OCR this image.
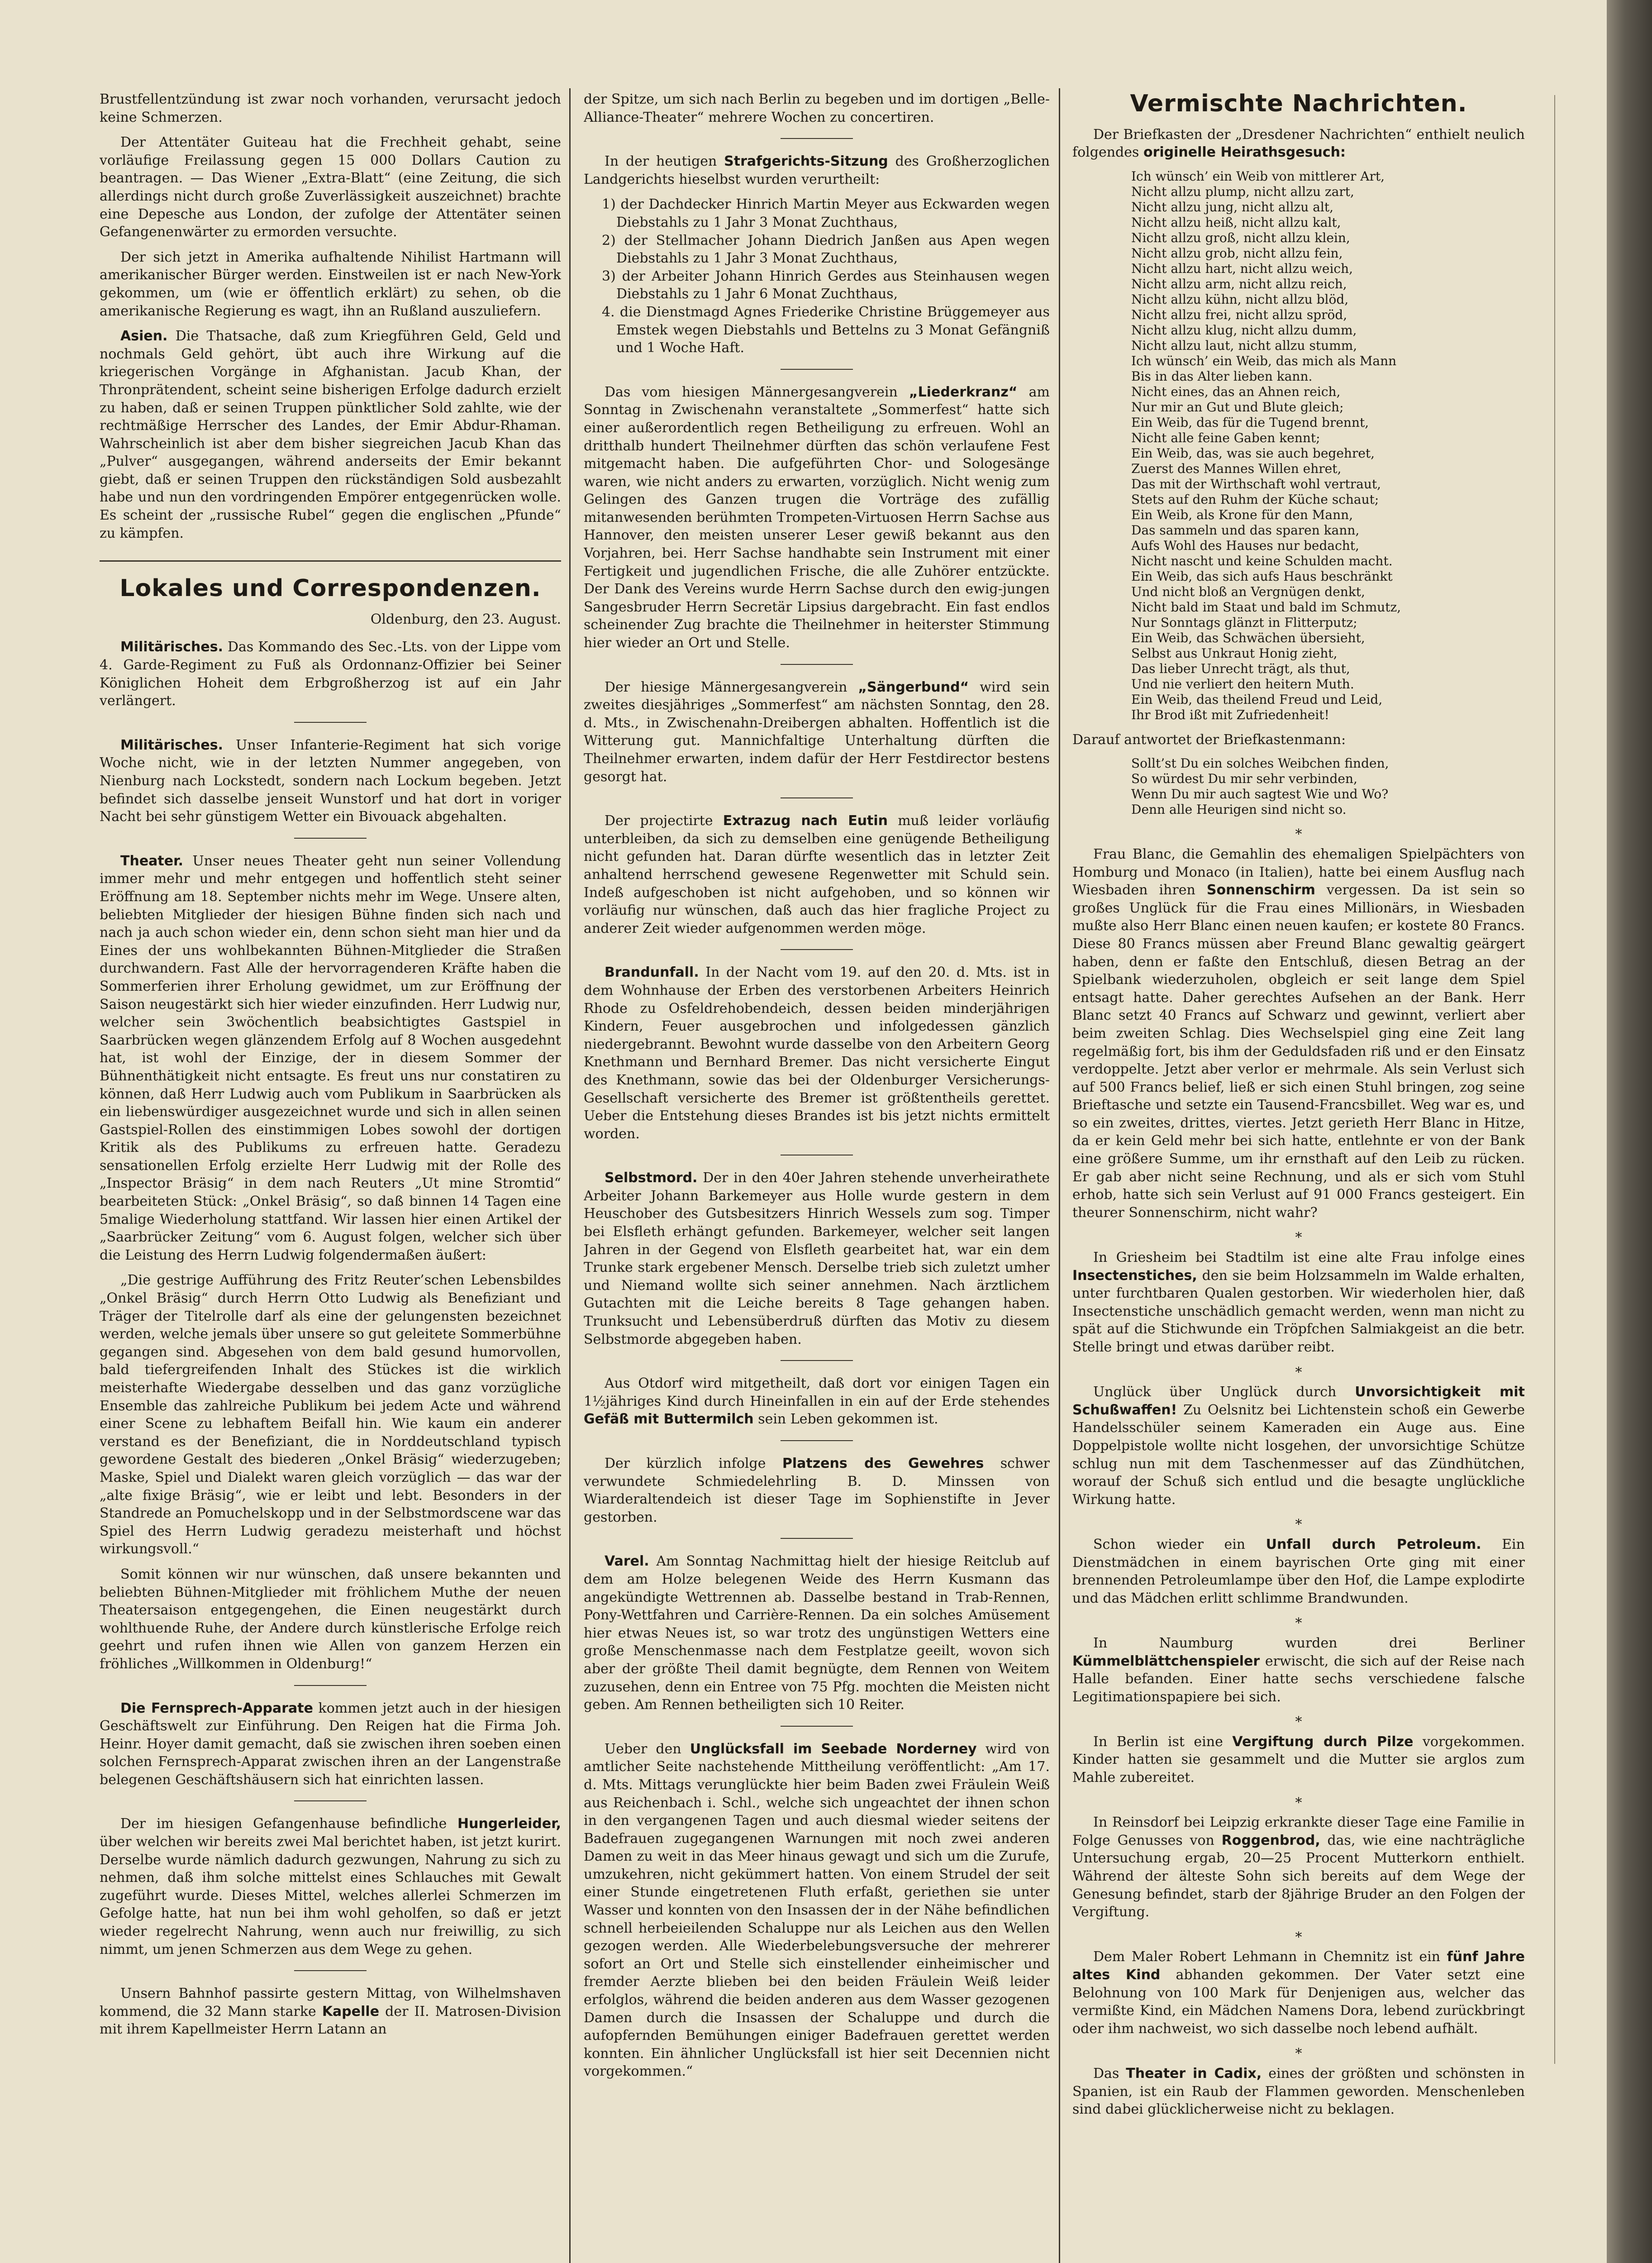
Brustfellentzündung ist zwar noch vorhanden, verursacht jedoch keine Schmerzen.

Der Attentäter Guiteau hat die Frechheit gehabt, seine vorläufige Freilassung gegen 15 000 Dollars Caution zu beantragen. — Das Wiener „Extra-Blatt“ (eine Zeitung, die sich allerdings nicht durch große Zuverlässigkeit auszeichnet) brachte eine Depesche aus London, der zufolge der Attentäter seinen Gefangenenwärter zu ermorden versuchte.

Der sich jetzt in Amerika aufhaltende Nihilist Hartmann will amerikanischer Bürger werden. Einstweilen ist er nach New-York gekommen, um (wie er öffentlich erklärt) zu sehen, ob die amerikanische Regierung es wagt, ihn an Rußland auszuliefern.

Asien. Die Thatsache, daß zum Kriegführen Geld, Geld und nochmals Geld gehört, übt auch ihre Wirkung auf die kriegerischen Vorgänge in Afghanistan. Jacub Khan, der Thronprätendent, scheint seine bisherigen Erfolge dadurch erzielt zu haben, daß er seinen Truppen pünktlicher Sold zahlte, wie der rechtmäßige Herrscher des Landes, der Emir Abdur-Rhaman. Wahrscheinlich ist aber dem bisher siegreichen Jacub Khan das „Pulver“ ausgegangen, während anderseits der Emir bekannt giebt, daß er seinen Truppen den rückständigen Sold ausbezahlt habe und nun den vordringenden Empörer entgegenrücken wolle. Es scheint der „russische Rubel“ gegen die englischen „Pfunde“ zu kämpfen.

Lokales und Correspondenzen.
Oldenburg, den 23. August.

Militärisches. Das Kommando des Sec.-Lts. von der Lippe vom 4. Garde-Regiment zu Fuß als Ordonnanz-Offizier bei Seiner Königlichen Hoheit dem Erbgroßherzog ist auf ein Jahr verlängert.

Militärisches. Unser Infanterie-Regiment hat sich vorige Woche nicht, wie in der letzten Nummer angegeben, von Nienburg nach Lockstedt, sondern nach Lockum begeben. Jetzt befindet sich dasselbe jenseit Wunstorf und hat dort in voriger Nacht bei sehr günstigem Wetter ein Bivouack abgehalten.

Theater. Unser neues Theater geht nun seiner Vollendung immer mehr und mehr entgegen und hoffentlich steht seiner Eröffnung am 18. September nichts mehr im Wege. Unsere alten, beliebten Mitglieder der hiesigen Bühne finden sich nach und nach ja auch schon wieder ein, denn schon sieht man hier und da Eines der uns wohlbekannten Bühnen-Mitglieder die Straßen durchwandern. Fast Alle der hervorragenderen Kräfte haben die Sommerferien ihrer Erholung gewidmet, um zur Eröffnung der Saison neugestärkt sich hier wieder einzufinden. Herr Ludwig nur, welcher sein 3wöchentlich beabsichtigtes Gastspiel in Saarbrücken wegen glänzendem Erfolg auf 8 Wochen ausgedehnt hat, ist wohl der Einzige, der in diesem Sommer der Bühnenthätigkeit nicht entsagte. Es freut uns nur constatiren zu können, daß Herr Ludwig auch vom Publikum in Saarbrücken als ein liebenswürdiger ausgezeichnet wurde und sich in allen seinen Gastspiel-Rollen des einstimmigen Lobes sowohl der dortigen Kritik als des Publikums zu erfreuen hatte. Geradezu sensationellen Erfolg erzielte Herr Ludwig mit der Rolle des „Inspector Bräsig“ in dem nach Reuters „Ut mine Stromtid“ bearbeiteten Stück: „Onkel Bräsig“, so daß binnen 14 Tagen eine 5malige Wiederholung stattfand. Wir lassen hier einen Artikel der „Saarbrücker Zeitung“ vom 6. August folgen, welcher sich über die Leistung des Herrn Ludwig folgendermaßen äußert:

„Die gestrige Aufführung des Fritz Reuter’schen Lebensbildes „Onkel Bräsig“ durch Herrn Otto Ludwig als Benefiziant und Träger der Titelrolle darf als eine der gelungensten bezeichnet werden, welche jemals über unsere so gut geleitete Sommerbühne gegangen sind. Abgesehen von dem bald gesund humorvollen, bald tiefergreifenden Inhalt des Stückes ist die wirklich meisterhafte Wiedergabe desselben und das ganz vorzügliche Ensemble das zahlreiche Publikum bei jedem Acte und während einer Scene zu lebhaftem Beifall hin. Wie kaum ein anderer verstand es der Benefiziant, die in Norddeutschland typisch gewordene Gestalt des biederen „Onkel Bräsig“ wiederzugeben; Maske, Spiel und Dialekt waren gleich vorzüglich — das war der „alte fixige Bräsig“, wie er leibt und lebt. Besonders in der Standrede an Pomuchelskopp und in der Selbstmordscene war das Spiel des Herrn Ludwig geradezu meisterhaft und höchst wirkungsvoll.“

Somit können wir nur wünschen, daß unsere bekannten und beliebten Bühnen-Mitglieder mit fröhlichem Muthe der neuen Theatersaison entgegengehen, die Einen neugestärkt durch wohlthuende Ruhe, der Andere durch künstlerische Erfolge reich geehrt und rufen ihnen wie Allen von ganzem Herzen ein fröhliches „Willkommen in Oldenburg!“

Die Fernsprech-Apparate kommen jetzt auch in der hiesigen Geschäftswelt zur Einführung. Den Reigen hat die Firma Joh. Heinr. Hoyer damit gemacht, daß sie zwischen ihren soeben einen solchen Fernsprech-Apparat zwischen ihren an der Langenstraße belegenen Geschäftshäusern sich hat einrichten lassen.

Der im hiesigen Gefangenhause befindliche Hungerleider, über welchen wir bereits zwei Mal berichtet haben, ist jetzt kurirt. Derselbe wurde nämlich dadurch gezwungen, Nahrung zu sich zu nehmen, daß ihm solche mittelst eines Schlauches mit Gewalt zugeführt wurde. Dieses Mittel, welches allerlei Schmerzen im Gefolge hatte, hat nun bei ihm wohl geholfen, so daß er jetzt wieder regelrecht Nahrung, wenn auch nur freiwillig, zu sich nimmt, um jenen Schmerzen aus dem Wege zu gehen.

Unsern Bahnhof passirte gestern Mittag, von Wilhelmshaven kommend, die 32 Mann starke Kapelle der II. Matrosen-Division mit ihrem Kapellmeister Herrn Latann an

der Spitze, um sich nach Berlin zu begeben und im dortigen „Belle-Alliance-Theater“ mehrere Wochen zu concertiren.

In der heutigen Strafgerichts-Sitzung des Großherzoglichen Landgerichts hieselbst wurden verurtheilt:

1) der Dachdecker Hinrich Martin Meyer aus Eckwarden wegen Diebstahls zu 1 Jahr 3 Monat Zuchthaus,
2) der Stellmacher Johann Diedrich Janßen aus Apen wegen Diebstahls zu 1 Jahr 3 Monat Zuchthaus,
3) der Arbeiter Johann Hinrich Gerdes aus Steinhausen wegen Diebstahls zu 1 Jahr 6 Monat Zuchthaus,
4. die Dienstmagd Agnes Friederike Christine Brüggemeyer aus Emstek wegen Diebstahls und Bettelns zu 3 Monat Gefängniß und 1 Woche Haft.

Das vom hiesigen Männergesangverein „Liederkranz“ am Sonntag in Zwischenahn veranstaltete „Sommerfest“ hatte sich einer außerordentlich regen Betheiligung zu erfreuen. Wohl an dritthalb hundert Theilnehmer dürften das schön verlaufene Fest mitgemacht haben. Die aufgeführten Chor- und Sologesänge waren, wie nicht anders zu erwarten, vorzüglich. Nicht wenig zum Gelingen des Ganzen trugen die Vorträge des zufällig mitanwesenden berühmten Trompeten-Virtuosen Herrn Sachse aus Hannover, den meisten unserer Leser gewiß bekannt aus den Vorjahren, bei. Herr Sachse handhabte sein Instrument mit einer Fertigkeit und jugendlichen Frische, die alle Zuhörer entzückte. Der Dank des Vereins wurde Herrn Sachse durch den ewig-jungen Sangesbruder Herrn Secretär Lipsius dargebracht. Ein fast endlos scheinender Zug brachte die Theilnehmer in heiterster Stimmung hier wieder an Ort und Stelle.

Der hiesige Männergesangverein „Sängerbund“ wird sein zweites diesjähriges „Sommerfest“ am nächsten Sonntag, den 28. d. Mts., in Zwischenahn-Dreibergen abhalten. Hoffentlich ist die Witterung gut. Mannichfaltige Unterhaltung dürften die Theilnehmer erwarten, indem dafür der Herr Festdirector bestens gesorgt hat.

Der projectirte Extrazug nach Eutin muß leider vorläufig unterbleiben, da sich zu demselben eine genügende Betheiligung nicht gefunden hat. Daran dürfte wesentlich das in letzter Zeit anhaltend herrschend gewesene Regenwetter mit Schuld sein. Indeß aufgeschoben ist nicht aufgehoben, und so können wir vorläufig nur wünschen, daß auch das hier fragliche Project zu anderer Zeit wieder aufgenommen werden möge.

Brandunfall. In der Nacht vom 19. auf den 20. d. Mts. ist in dem Wohnhause der Erben des verstorbenen Arbeiters Heinrich Rhode zu Osfeldrehobendeich, dessen beiden minderjährigen Kindern, Feuer ausgebrochen und infolgedessen gänzlich niedergebrannt. Bewohnt wurde dasselbe von den Arbeitern Georg Knethmann und Bernhard Bremer. Das nicht versicherte Eingut des Knethmann, sowie das bei der Oldenburger Versicherungs-Gesellschaft versicherte des Bremer ist größtentheils gerettet. Ueber die Entstehung dieses Brandes ist bis jetzt nichts ermittelt worden.

Selbstmord. Der in den 40er Jahren stehende unverheirathete Arbeiter Johann Barkemeyer aus Holle wurde gestern in dem Heuschober des Gutsbesitzers Hinrich Wessels zum sog. Timper bei Elsfleth erhängt gefunden. Barkemeyer, welcher seit langen Jahren in der Gegend von Elsfleth gearbeitet hat, war ein dem Trunke stark ergebener Mensch. Derselbe trieb sich zuletzt umher und Niemand wollte sich seiner annehmen. Nach ärztlichem Gutachten mit die Leiche bereits 8 Tage gehangen haben. Trunksucht und Lebensüberdruß dürften das Motiv zu diesem Selbstmorde abgegeben haben.

Aus Otdorf wird mitgetheilt, daß dort vor einigen Tagen ein 1½jähriges Kind durch Hineinfallen in ein auf der Erde stehendes Gefäß mit Buttermilch sein Leben gekommen ist.

Der kürzlich infolge Platzens des Gewehres schwer verwundete Schmiedelehrling B. D. Minssen von Wiarderaltendeich ist dieser Tage im Sophienstifte in Jever gestorben.

Varel. Am Sonntag Nachmittag hielt der hiesige Reitclub auf dem am Holze belegenen Weide des Herrn Kusmann das angekündigte Wettrennen ab. Dasselbe bestand in Trab-Rennen, Pony-Wettfahren und Carrière-Rennen. Da ein solches Amüsement hier etwas Neues ist, so war trotz des ungünstigen Wetters eine große Menschenmasse nach dem Festplatze geeilt, wovon sich aber der größte Theil damit begnügte, dem Rennen von Weitem zuzusehen, denn ein Entree von 75 Pfg. mochten die Meisten nicht geben. Am Rennen betheiligten sich 10 Reiter.

Ueber den Unglücksfall im Seebade Norderney wird von amtlicher Seite nachstehende Mittheilung veröffentlicht: „Am 17. d. Mts. Mittags verunglückte hier beim Baden zwei Fräulein Weiß aus Reichenbach i. Schl., welche sich ungeachtet der ihnen schon in den vergangenen Tagen und auch diesmal wieder seitens der Badefrauen zugegangenen Warnungen mit noch zwei anderen Damen zu weit in das Meer hinaus gewagt und sich um die Zurufe, umzukehren, nicht gekümmert hatten. Von einem Strudel der seit einer Stunde eingetretenen Fluth erfaßt, geriethen sie unter Wasser und konnten von den Insassen der in der Nähe befindlichen schnell herbeieilenden Schaluppe nur als Leichen aus den Wellen gezogen werden. Alle Wiederbelebungsversuche der mehrerer sofort an Ort und Stelle sich einstellender einheimischer und fremder Aerzte blieben bei den beiden Fräulein Weiß leider erfolglos, während die beiden anderen aus dem Wasser gezogenen Damen durch die Insassen der Schaluppe und durch die aufopfernden Bemühungen einiger Badefrauen gerettet werden konnten. Ein ähnlicher Unglücksfall ist hier seit Decennien nicht vorgekommen.“

Vermischte Nachrichten.

Der Briefkasten der „Dresdener Nachrichten“ enthielt neulich folgendes originelle Heirathsgesuch:

Ich wünsch’ ein Weib von mittlerer Art,
Nicht allzu plump, nicht allzu zart,
Nicht allzu jung, nicht allzu alt,
Nicht allzu heiß, nicht allzu kalt,
Nicht allzu groß, nicht allzu klein,
Nicht allzu grob, nicht allzu fein,
Nicht allzu hart, nicht allzu weich,
Nicht allzu arm, nicht allzu reich,
Nicht allzu kühn, nicht allzu blöd,
Nicht allzu frei, nicht allzu spröd,
Nicht allzu klug, nicht allzu dumm,
Nicht allzu laut, nicht allzu stumm,
Ich wünsch’ ein Weib, das mich als Mann
Bis in das Alter lieben kann.
Nicht eines, das an Ahnen reich,
Nur mir an Gut und Blute gleich;
Ein Weib, das für die Tugend brennt,
Nicht alle feine Gaben kennt;
Ein Weib, das, was sie auch begehret,
Zuerst des Mannes Willen ehret,
Das mit der Wirthschaft wohl vertraut,
Stets auf den Ruhm der Küche schaut;
Ein Weib, als Krone für den Mann,
Das sammeln und das sparen kann,
Aufs Wohl des Hauses nur bedacht,
Nicht nascht und keine Schulden macht.
Ein Weib, das sich aufs Haus beschränkt
Und nicht bloß an Vergnügen denkt,
Nicht bald im Staat und bald im Schmutz,
Nur Sonntags glänzt in Flitterputz;
Ein Weib, das Schwächen übersieht,
Selbst aus Unkraut Honig zieht,
Das lieber Unrecht trägt, als thut,
Und nie verliert den heitern Muth.
Ein Weib, das theilend Freud und Leid,
Ihr Brod ißt mit Zufriedenheit!

Darauf antwortet der Briefkastenmann:

Sollt’st Du ein solches Weibchen finden,
So würdest Du mir sehr verbinden,
Wenn Du mir auch sagtest Wie und Wo?
Denn alle Heurigen sind nicht so.
*

Frau Blanc, die Gemahlin des ehemaligen Spielpächters von Homburg und Monaco (in Italien), hatte bei einem Ausflug nach Wiesbaden ihren Sonnenschirm vergessen. Da ist sein so großes Unglück für die Frau eines Millionärs, in Wiesbaden mußte also Herr Blanc einen neuen kaufen; er kostete 80 Francs. Diese 80 Francs müssen aber Freund Blanc gewaltig geärgert haben, denn er faßte den Entschluß, diesen Betrag an der Spielbank wiederzuholen, obgleich er seit lange dem Spiel entsagt hatte. Daher gerechtes Aufsehen an der Bank. Herr Blanc setzt 40 Francs auf Schwarz und gewinnt, verliert aber beim zweiten Schlag. Dies Wechselspiel ging eine Zeit lang regelmäßig fort, bis ihm der Geduldsfaden riß und er den Einsatz verdoppelte. Jetzt aber verlor er mehrmale. Als sein Verlust sich auf 500 Francs belief, ließ er sich einen Stuhl bringen, zog seine Brieftasche und setzte ein Tausend-Francsbillet. Weg war es, und so ein zweites, drittes, viertes. Jetzt gerieth Herr Blanc in Hitze, da er kein Geld mehr bei sich hatte, entlehnte er von der Bank eine größere Summe, um ihr ernsthaft auf den Leib zu rücken. Er gab aber nicht seine Rechnung, und als er sich vom Stuhl erhob, hatte sich sein Verlust auf 91 000 Francs gesteigert. Ein theurer Sonnenschirm, nicht wahr?

*

In Griesheim bei Stadtilm ist eine alte Frau infolge eines Insectenstiches, den sie beim Holzsammeln im Walde erhalten, unter furchtbaren Qualen gestorben. Wir wiederholen hier, daß Insectenstiche unschädlich gemacht werden, wenn man nicht zu spät auf die Stichwunde ein Tröpfchen Salmiakgeist an die betr. Stelle bringt und etwas darüber reibt.

*

Unglück über Unglück durch Unvorsichtigkeit mit Schußwaffen! Zu Oelsnitz bei Lichtenstein schoß ein Gewerbe Handelsschüler seinem Kameraden ein Auge aus. Eine Doppelpistole wollte nicht losgehen, der unvorsichtige Schütze schlug nun mit dem Taschenmesser auf das Zündhütchen, worauf der Schuß sich entlud und die besagte unglückliche Wirkung hatte.

*

Schon wieder ein Unfall durch Petroleum. Ein Dienstmädchen in einem bayrischen Orte ging mit einer brennenden Petroleumlampe über den Hof, die Lampe explodirte und das Mädchen erlitt schlimme Brandwunden.

*

In Naumburg wurden drei Berliner Kümmelblättchenspieler erwischt, die sich auf der Reise nach Halle befanden. Einer hatte sechs verschiedene falsche Legitimationspapiere bei sich.

*

In Berlin ist eine Vergiftung durch Pilze vorgekommen. Kinder hatten sie gesammelt und die Mutter sie arglos zum Mahle zubereitet.

*

In Reinsdorf bei Leipzig erkrankte dieser Tage eine Familie in Folge Genusses von Roggenbrod, das, wie eine nachträgliche Untersuchung ergab, 20—25 Procent Mutterkorn enthielt. Während der älteste Sohn sich bereits auf dem Wege der Genesung befindet, starb der 8jährige Bruder an den Folgen der Vergiftung.

*

Dem Maler Robert Lehmann in Chemnitz ist ein fünf Jahre altes Kind abhanden gekommen. Der Vater setzt eine Belohnung von 100 Mark für Denjenigen aus, welcher das vermißte Kind, ein Mädchen Namens Dora, lebend zurückbringt oder ihm nachweist, wo sich dasselbe noch lebend aufhält.

*

Das Theater in Cadix, eines der größten und schönsten in Spanien, ist ein Raub der Flammen geworden. Menschenleben sind dabei glücklicherweise nicht zu beklagen.
